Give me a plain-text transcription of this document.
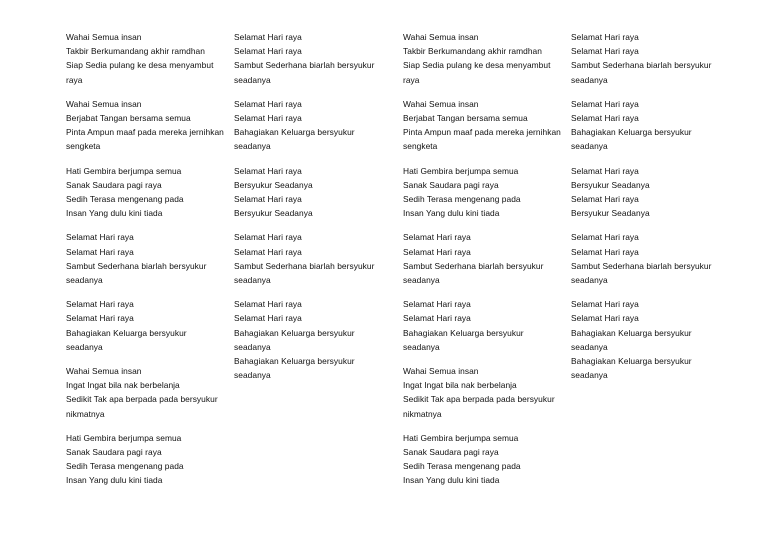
Wahai Semua insan
Takbir Berkumandang akhir ramdhan
Siap Sedia pulang ke desa menyambut raya
Wahai Semua insan
Berjabat Tangan bersama semua
Pinta Ampun maaf pada mereka jernihkan sengketa
Hati Gembira berjumpa semua
Sanak Saudara pagi raya
Sedih Terasa mengenang pada
Insan Yang dulu kini tiada
Selamat Hari raya
Selamat Hari raya
Sambut Sederhana biarlah bersyukur seadanya
Selamat Hari raya
Selamat Hari raya
Bahagiakan Keluarga bersyukur seadanya
Wahai Semua insan
Ingat Ingat bila nak berbelanja
Sedikit Tak apa berpada pada bersyukur nikmatnya
Hati Gembira berjumpa semua
Sanak Saudara pagi raya
Sedih Terasa mengenang pada
Insan Yang dulu kini tiada
Selamat Hari raya
Selamat Hari raya
Sambut Sederhana biarlah bersyukur seadanya
Selamat Hari raya
Selamat Hari raya
Bahagiakan Keluarga bersyukur seadanya
Selamat Hari raya
Bersyukur Seadanya
Selamat Hari raya
Bersyukur Seadanya
Selamat Hari raya
Selamat Hari raya
Sambut Sederhana biarlah bersyukur seadanya
Selamat Hari raya
Selamat Hari raya
Bahagiakan Keluarga bersyukur seadanya
Bahagiakan Keluarga bersyukur seadanya
Wahai Semua insan
Takbir Berkumandang akhir ramdhan
Siap Sedia pulang ke desa menyambut raya
Wahai Semua insan
Berjabat Tangan bersama semua
Pinta Ampun maaf pada mereka jernihkan sengketa
Hati Gembira berjumpa semua
Sanak Saudara pagi raya
Sedih Terasa mengenang pada
Insan Yang dulu kini tiada
Selamat Hari raya
Selamat Hari raya
Sambut Sederhana biarlah bersyukur seadanya
Selamat Hari raya
Selamat Hari raya
Bahagiakan Keluarga bersyukur seadanya
Wahai Semua insan
Ingat Ingat bila nak berbelanja
Sedikit Tak apa berpada pada bersyukur nikmatnya
Hati Gembira berjumpa semua
Sanak Saudara pagi raya
Sedih Terasa mengenang pada
Insan Yang dulu kini tiada
Selamat Hari raya
Selamat Hari raya
Sambut Sederhana biarlah bersyukur seadanya
Selamat Hari raya
Selamat Hari raya
Bahagiakan Keluarga bersyukur seadanya
Selamat Hari raya
Bersyukur Seadanya
Selamat Hari raya
Bersyukur Seadanya
Selamat Hari raya
Selamat Hari raya
Sambut Sederhana biarlah bersyukur seadanya
Selamat Hari raya
Selamat Hari raya
Bahagiakan Keluarga bersyukur seadanya
Bahagiakan Keluarga bersyukur seadanya
